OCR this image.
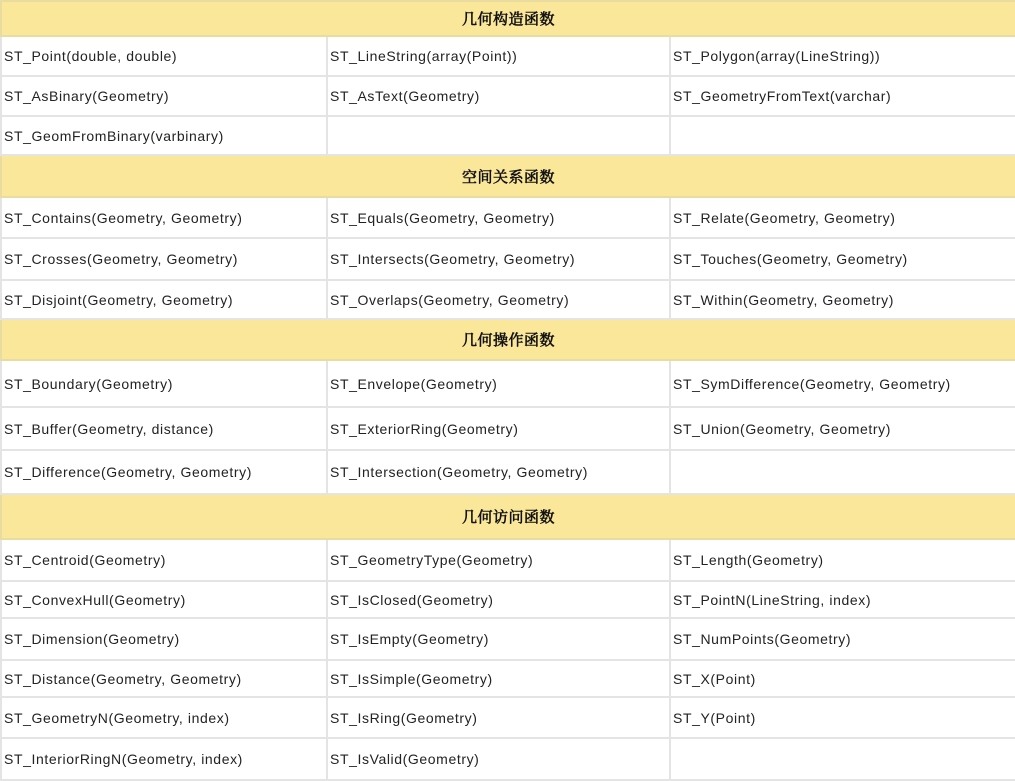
几何构造函数		
ST_Point(double, double)	ST_LineString(array(Point))	ST_Polygon(array(LineString))
ST_AsBinary(Geometry)	ST_AsText(Geometry)	ST_GeometryFromText(varchar)
ST_GeomFromBinary(varbinary)		
空间关系函数		
ST_Contains(Geometry, Geometry)	ST_Equals(Geometry, Geometry)	ST_Relate(Geometry, Geometry)
ST_Crosses(Geometry, Geometry)	ST_Intersects(Geometry, Geometry)	ST_Touches(Geometry, Geometry)
ST_Disjoint(Geometry, Geometry)	ST_Overlaps(Geometry, Geometry)	ST_Within(Geometry, Geometry)
几何操作函数		
ST_Boundary(Geometry)	ST_Envelope(Geometry)	ST_SymDifference(Geometry, Geometry)
ST_Buffer(Geometry, distance)	ST_ExteriorRing(Geometry)	ST_Union(Geometry, Geometry)
ST_Difference(Geometry, Geometry)	ST_Intersection(Geometry, Geometry)	
几何访问函数		
ST_Centroid(Geometry)	ST_GeometryType(Geometry)	ST_Length(Geometry)
ST_ConvexHull(Geometry)	ST_IsClosed(Geometry)	ST_PointN(LineString, index)
ST_Dimension(Geometry)	ST_IsEmpty(Geometry)	ST_NumPoints(Geometry)
ST_Distance(Geometry, Geometry)	ST_IsSimple(Geometry)	ST_X(Point)
ST_GeometryN(Geometry, index)	ST_IsRing(Geometry)	ST_Y(Point)
ST_InteriorRingN(Geometry, index)	ST_IsValid(Geometry)	
